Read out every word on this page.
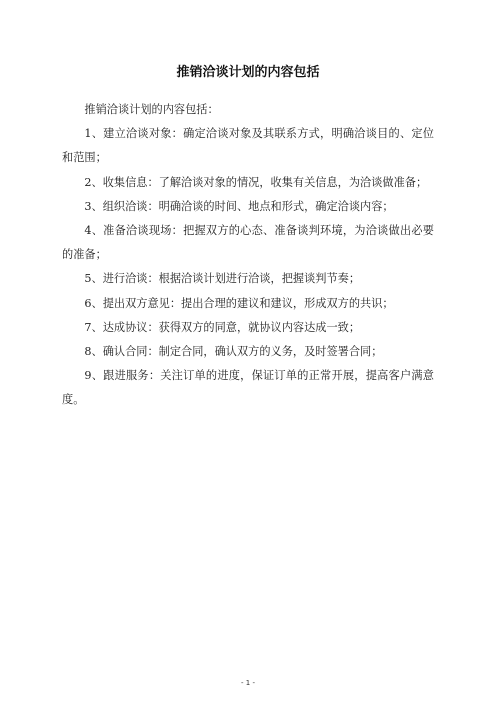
推销洽谈计划的内容包括

推销洽谈计划的内容包括：

1、建立洽谈对象：确定洽谈对象及其联系方式，明确洽谈目的、定位和范围；

2、收集信息：了解洽谈对象的情况，收集有关信息，为洽谈做准备；

3、组织洽谈：明确洽谈的时间、地点和形式，确定洽谈内容；

4、准备洽谈现场：把握双方的心态、准备谈判环境，为洽谈做出必要的准备；

5、进行洽谈：根据洽谈计划进行洽谈，把握谈判节奏；

6、提出双方意见：提出合理的建议和建议，形成双方的共识；

7、达成协议：获得双方的同意，就协议内容达成一致；

8、确认合同：制定合同，确认双方的义务，及时签署合同；

9、跟进服务：关注订单的进度，保证订单的正常开展，提高客户满意度。

- 1 -
